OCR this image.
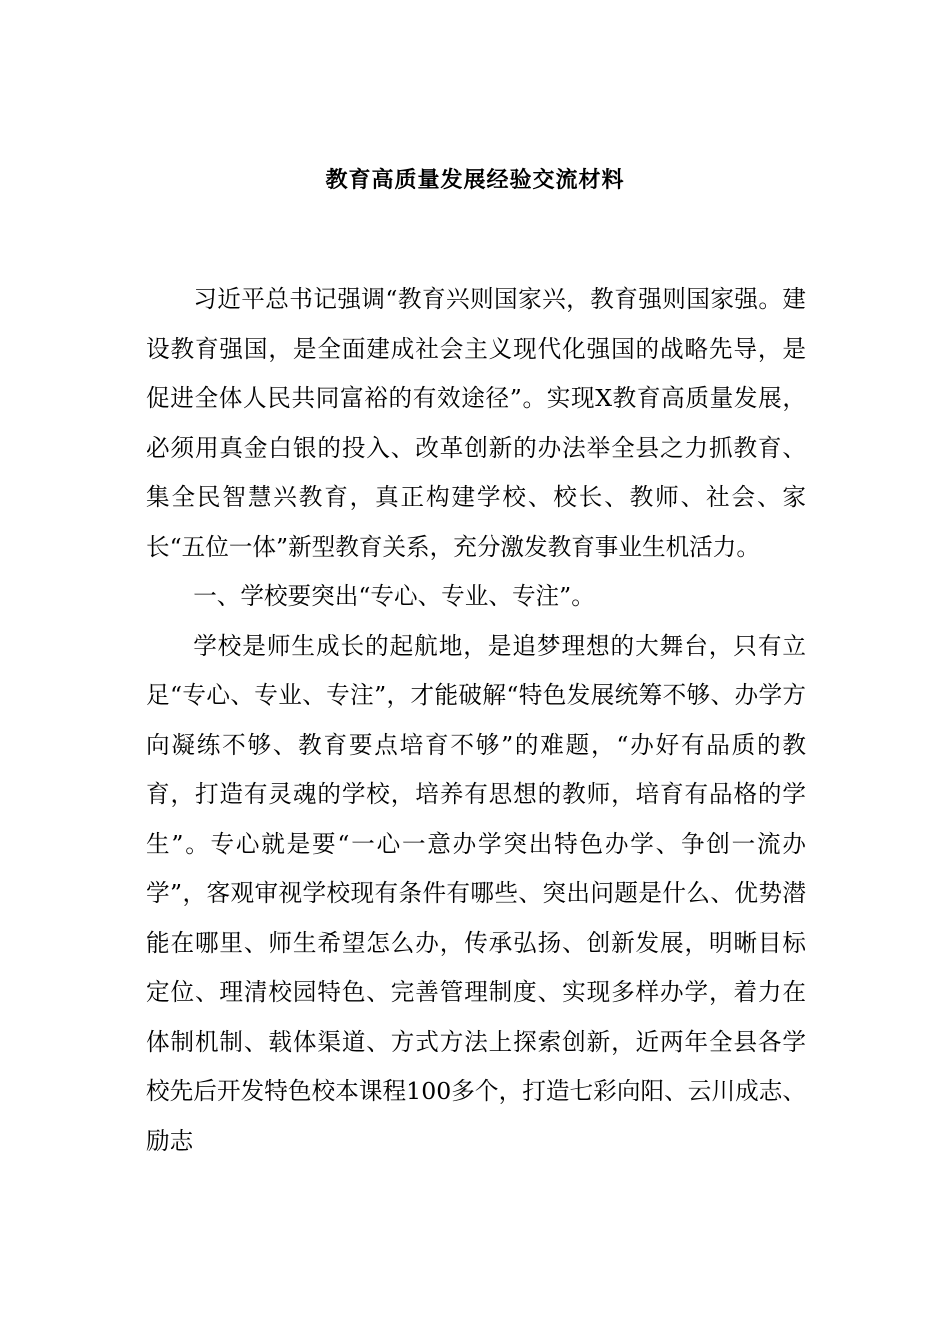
教育高质量发展经验交流材料

习近平总书记强调“教育兴则国家兴，教育强则国家强。建设教育强国，是全面建成社会主义现代化强国的战略先导，是促进全体人民共同富裕的有效途径”。实现X教育高质量发展，必须用真金白银的投入、改革创新的办法举全县之力抓教育、集全民智慧兴教育，真正构建学校、校长、教师、社会、家长“五位一体”新型教育关系，充分激发教育事业生机活力。

一、学校要突出“专心、专业、专注”。

学校是师生成长的起航地，是追梦理想的大舞台，只有立足“专心、专业、专注”，才能破解“特色发展统筹不够、办学方向凝练不够、教育要点培育不够”的难题，“办好有品质的教育，打造有灵魂的学校，培养有思想的教师，培育有品格的学生”。专心就是要“一心一意办学突出特色办学、争创一流办学”，客观审视学校现有条件有哪些、突出问题是什么、优势潜能在哪里、师生希望怎么办，传承弘扬、创新发展，明晰目标定位、理清校园特色、完善管理制度、实现多样办学，着力在体制机制、载体渠道、方式方法上探索创新，近两年全县各学校先后开发特色校本课程100多个，打造七彩向阳、云川成志、励志
